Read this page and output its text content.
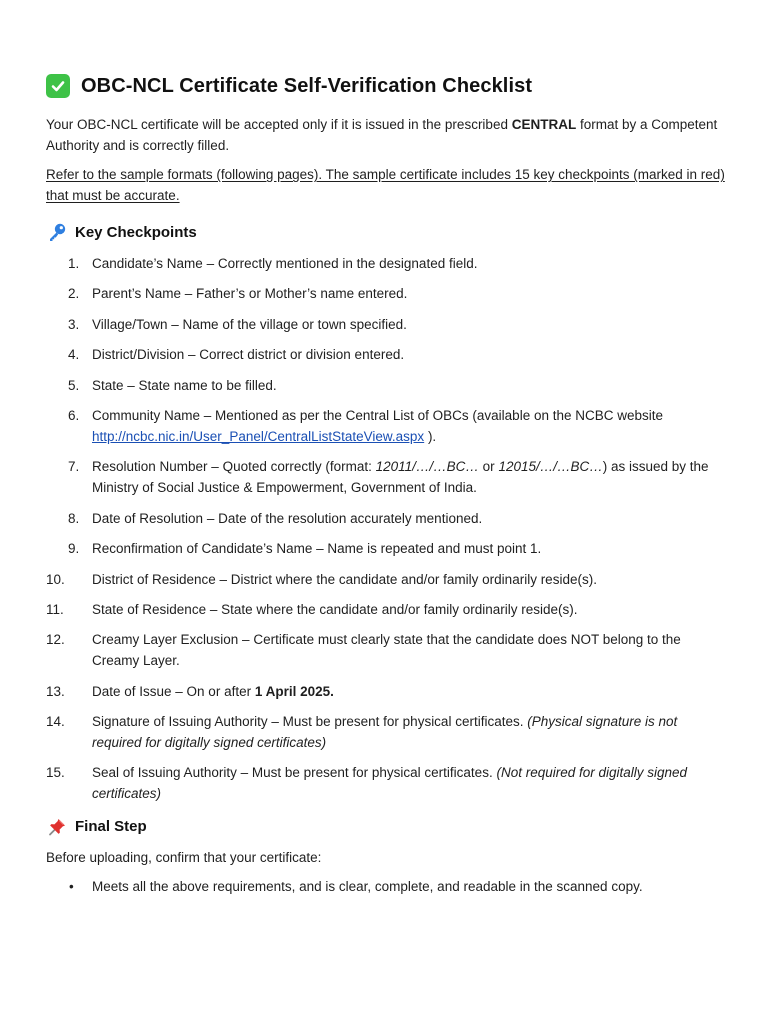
OBC-NCL Certificate Self-Verification Checklist

Your OBC-NCL certificate will be accepted only if it is issued in the prescribed CENTRAL format by a Competent Authority and is correctly filled.

Refer to the sample formats (following pages). The sample certificate includes 15 key checkpoints (marked in red) that must be accurate.

Key Checkpoints
1. Candidate’s Name – Correctly mentioned in the designated field.
2. Parent’s Name – Father’s or Mother’s name entered.
3. Village/Town – Name of the village or town specified.
4. District/Division – Correct district or division entered.
5. State – State name to be filled.
6. Community Name – Mentioned as per the Central List of OBCs (available on the NCBC website http://ncbc.nic.in/User_Panel/CentralListStateView.aspx ).
7. Resolution Number – Quoted correctly (format: 12011/…/…BC… or 12015/…/…BC…) as issued by the Ministry of Social Justice & Empowerment, Government of India.
8. Date of Resolution – Date of the resolution accurately mentioned.
9. Reconfirmation of Candidate’s Name – Name is repeated and must point 1.
10.	District of Residence – District where the candidate and/or family ordinarily reside(s).
11.	State of Residence – State where the candidate and/or family ordinarily reside(s).
12.	Creamy Layer Exclusion – Certificate must clearly state that the candidate does NOT belong to the Creamy Layer.
13.	Date of Issue – On or after 1 April 2025.
14.	Signature of Issuing Authority – Must be present for physical certificates. (Physical signature is not required for digitally signed certificates)
15.	Seal of Issuing Authority – Must be present for physical certificates. (Not required for digitally signed certificates)
Final Step

Before uploading, confirm that your certificate:

• Meets all the above requirements, and is clear, complete, and readable in the scanned copy.
